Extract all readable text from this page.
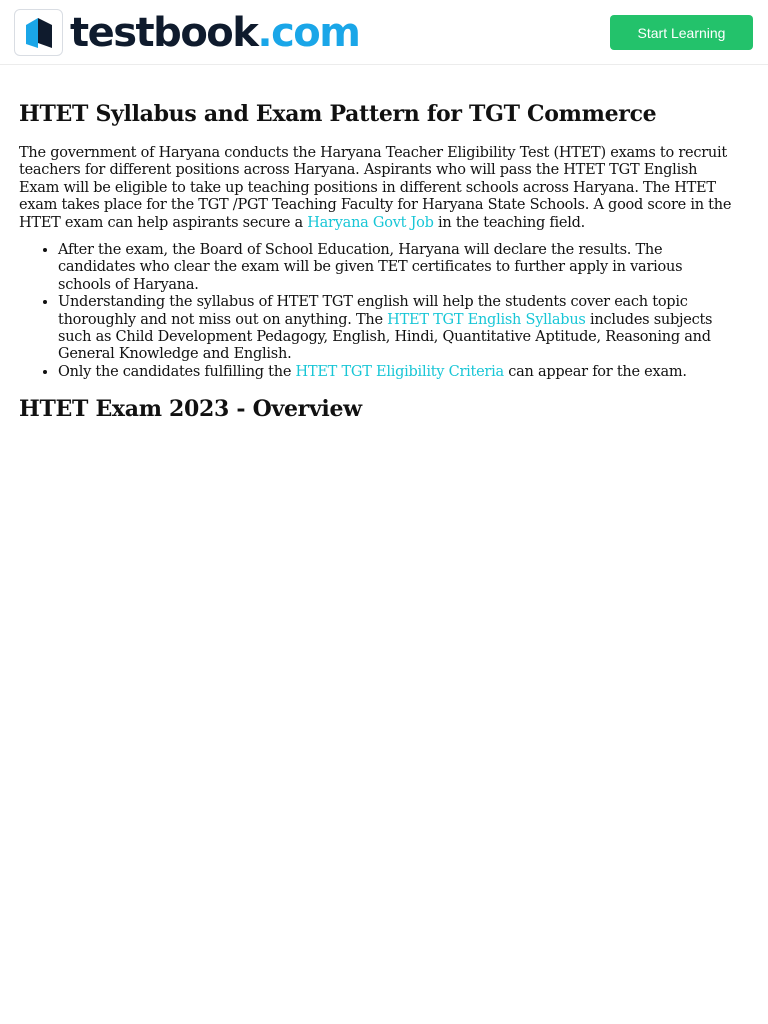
testbook.com	Start Learning
HTET Syllabus and Exam Pattern for TGT Commerce

The government of Haryana conducts the Haryana Teacher Eligibility Test (HTET) exams to recruit teachers for different positions across Haryana. Aspirants who will pass the HTET TGT English Exam will be eligible to take up teaching positions in different schools across Haryana. The HTET exam takes place for the TGT /PGT Teaching Faculty for Haryana State Schools. A good score in the HTET exam can help aspirants secure a Haryana Govt Job in the teaching field.

• After the exam, the Board of School Education, Haryana will declare the results. The candidates who clear the exam will be given TET certificates to further apply in various schools of Haryana.
• Understanding the syllabus of HTET TGT english will help the students cover each topic thoroughly and not miss out on anything. The HTET TGT English Syllabus includes subjects such as Child Development Pedagogy, English, Hindi, Quantitative Aptitude, Reasoning and General Knowledge and English.
• Only the candidates fulfilling the HTET TGT Eligibility Criteria can appear for the exam.
HTET Exam 2023 - Overview
